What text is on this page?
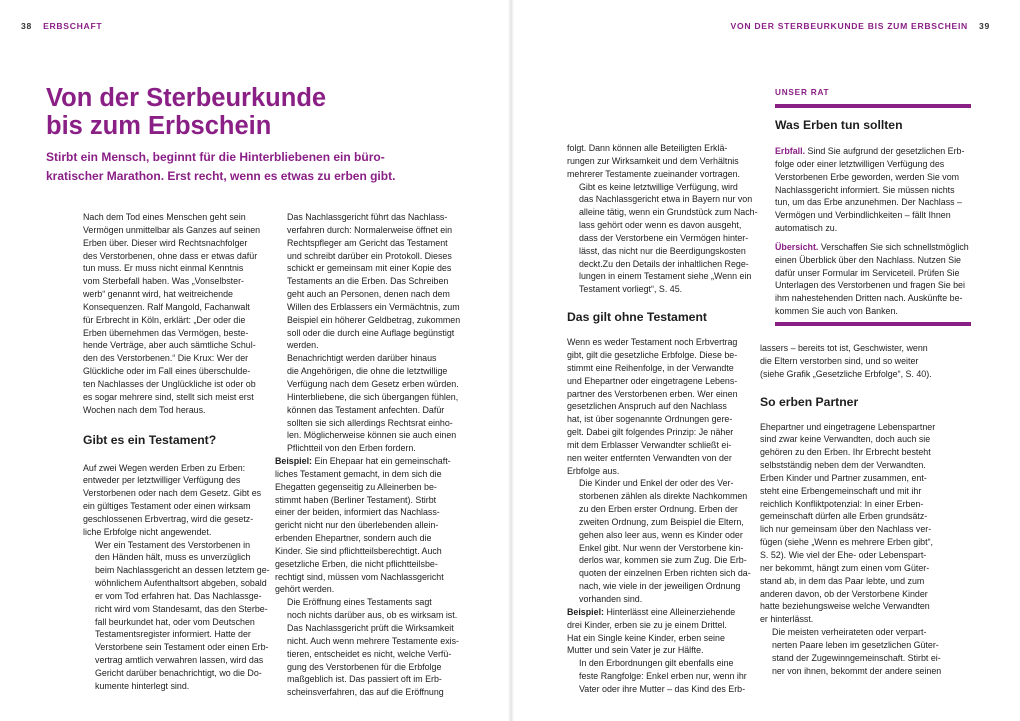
38 ERBSCHAFT	VON DER STERBEURKUNDE BIS ZUM ERBSCHEIN 39
Von der Sterbeurkunde
bis zum Erbschein

Stirbt ein Mensch, beginnt für die Hinterbliebenen ein büro-
kratischer Marathon. Erst recht, wenn es etwas zu erben gibt.

Nach dem Tod eines Menschen geht sein
Vermögen unmittelbar als Ganzes auf seinen
Erben über. Dieser wird Rechtsnachfolger
des Verstorbenen, ohne dass er etwas dafür
tun muss. Er muss nicht einmal Kenntnis
vom Sterbefall haben. Was „Vonselbster-
werb“ genannt wird, hat weitreichende
Konsequenzen. Ralf Mangold, Fachanwalt
für Erbrecht in Köln, erklärt: „Der oder die
Erben übernehmen das Vermögen, beste-
hende Verträge, aber auch sämtliche Schul-
den des Verstorbenen.“ Die Krux: Wer der
Glückliche oder im Fall eines überschulde-
ten Nachlasses der Unglückliche ist oder ob
es sogar mehrere sind, stellt sich meist erst
Wochen nach dem Tod heraus.

Gibt es ein Testament?

Auf zwei Wegen werden Erben zu Erben:
entweder per letztwilliger Verfügung des
Verstorbenen oder nach dem Gesetz. Gibt es
ein gültiges Testament oder einen wirksam
geschlossenen Erbvertrag, wird die gesetz-
liche Erbfolge nicht angewendet.

Wer ein Testament des Verstorbenen in
den Händen hält, muss es unverzüglich
beim Nachlassgericht an dessen letztem ge-
wöhnlichem Aufenthaltsort abgeben, sobald
er vom Tod erfahren hat. Das Nachlassge-
richt wird vom Standesamt, das den Sterbe-
fall beurkundet hat, oder vom Deutschen
Testamentsregister informiert. Hatte der
Verstorbene sein Testament oder einen Erb-
vertrag amtlich verwahren lassen, wird das
Gericht darüber benachrichtigt, wo die Do-
kumente hinterlegt sind.

Das Nachlassgericht führt das Nachlass-
verfahren durch: Normalerweise öffnet ein
Rechtspfleger am Gericht das Testament
und schreibt darüber ein Protokoll. Dieses
schickt er gemeinsam mit einer Kopie des
Testaments an die Erben. Das Schreiben
geht auch an Personen, denen nach dem
Willen des Erblassers ein Vermächtnis, zum
Beispiel ein höherer Geldbetrag, zukommen
soll oder die durch eine Auflage begünstigt
werden.

Benachrichtigt werden darüber hinaus
die Angehörigen, die ohne die letztwillige
Verfügung nach dem Gesetz erben würden.
Hinterbliebene, die sich übergangen fühlen,
können das Testament anfechten. Dafür
sollten sie sich allerdings Rechtsrat einho-
len. Möglicherweise können sie auch einen
Pflichtteil von den Erben fordern.

Beispiel: Ein Ehepaar hat ein gemeinschaft-
liches Testament gemacht, in dem sich die
Ehegatten gegenseitig zu Alleinerben be-
stimmt haben (Berliner Testament). Stirbt
einer der beiden, informiert das Nachlass-
gericht nicht nur den überlebenden allein-
erbenden Ehepartner, sondern auch die
Kinder. Sie sind pflichtteilsberechtigt. Auch
gesetzliche Erben, die nicht pflichtteilsbe-
rechtigt sind, müssen vom Nachlassgericht
gehört werden.

Die Eröffnung eines Testaments sagt
noch nichts darüber aus, ob es wirksam ist.
Das Nachlassgericht prüft die Wirksamkeit
nicht. Auch wenn mehrere Testamente exis-
tieren, entscheidet es nicht, welche Verfü-
gung des Verstorbenen für die Erbfolge
maßgeblich ist. Das passiert oft im Erb-
scheinsverfahren, das auf die Eröffnung

folgt. Dann können alle Beteiligten Erklä-
rungen zur Wirksamkeit und dem Verhältnis
mehrerer Testamente zueinander vortragen.

Gibt es keine letztwillige Verfügung, wird
das Nachlassgericht etwa in Bayern nur von
alleine tätig, wenn ein Grundstück zum Nach-
lass gehört oder wenn es davon ausgeht,
dass der Verstorbene ein Vermögen hinter-
lässt, das nicht nur die Beerdigungskosten
deckt.Zu den Details der inhaltlichen Rege-
lungen in einem Testament siehe „Wenn ein
Testament vorliegt“, S. 45.

Das gilt ohne Testament

Wenn es weder Testament noch Erbvertrag
gibt, gilt die gesetzliche Erbfolge. Diese be-
stimmt eine Reihenfolge, in der Verwandte
und Ehepartner oder eingetragene Lebens-
partner des Verstorbenen erben. Wer einen
gesetzlichen Anspruch auf den Nachlass
hat, ist über sogenannte Ordnungen gere-
gelt. Dabei gilt folgendes Prinzip: Je näher
mit dem Erblasser Verwandter schließt ei-
nen weiter entfernten Verwandten von der
Erbfolge aus.

Die Kinder und Enkel der oder des Ver-
storbenen zählen als direkte Nachkommen
zu den Erben erster Ordnung. Erben der
zweiten Ordnung, zum Beispiel die Eltern,
gehen also leer aus, wenn es Kinder oder
Enkel gibt. Nur wenn der Verstorbene kin-
derlos war, kommen sie zum Zug. Die Erb-
quoten der einzelnen Erben richten sich da-
nach, wie viele in der jeweiligen Ordnung
vorhanden sind.

Beispiel: Hinterlässt eine Alleinerziehende
drei Kinder, erben sie zu je einem Drittel.
Hat ein Single keine Kinder, erben seine
Mutter und sein Vater je zur Hälfte.

In den Erbordnungen gilt ebenfalls eine
feste Rangfolge: Enkel erben nur, wenn ihr
Vater oder ihre Mutter – das Kind des Erb-

UNSER RAT
Was Erben tun sollten

Erbfall. Sind Sie aufgrund der gesetzlichen Erb-
folge oder einer letztwilligen Verfügung des
Verstorbenen Erbe geworden, werden Sie vom
Nachlassgericht informiert. Sie müssen nichts
tun, um das Erbe anzunehmen. Der Nachlass –
Vermögen und Verbindlichkeiten – fällt Ihnen
automatisch zu.

Übersicht. Verschaffen Sie sich schnellstmöglich
einen Überblick über den Nachlass. Nutzen Sie
dafür unser Formular im Serviceteil. Prüfen Sie
Unterlagen des Verstorbenen und fragen Sie bei
ihm nahestehenden Dritten nach. Auskünfte be-
kommen Sie auch von Banken.

lassers – bereits tot ist, Geschwister, wenn
die Eltern verstorben sind, und so weiter
(siehe Grafik „Gesetzliche Erbfolge“, S. 40).

So erben Partner

Ehepartner und eingetragene Lebenspartner
sind zwar keine Verwandten, doch auch sie
gehören zu den Erben. Ihr Erbrecht besteht
selbstständig neben dem der Verwandten.
Erben Kinder und Partner zusammen, ent-
steht eine Erbengemeinschaft und mit ihr
reichlich Konfliktpotenzial: In einer Erben-
gemeinschaft dürfen alle Erben grundsätz-
lich nur gemeinsam über den Nachlass ver-
fügen (siehe „Wenn es mehrere Erben gibt“,
S. 52). Wie viel der Ehe- oder Lebenspart-
ner bekommt, hängt zum einen vom Güter-
stand ab, in dem das Paar lebte, und zum
anderen davon, ob der Verstorbene Kinder
hatte beziehungsweise welche Verwandten
er hinterlässt.

Die meisten verheirateten oder verpart-
nerten Paare leben im gesetzlichen Güter-
stand der Zugewinngemeinschaft. Stirbt ei-
ner von ihnen, bekommt der andere seinen
